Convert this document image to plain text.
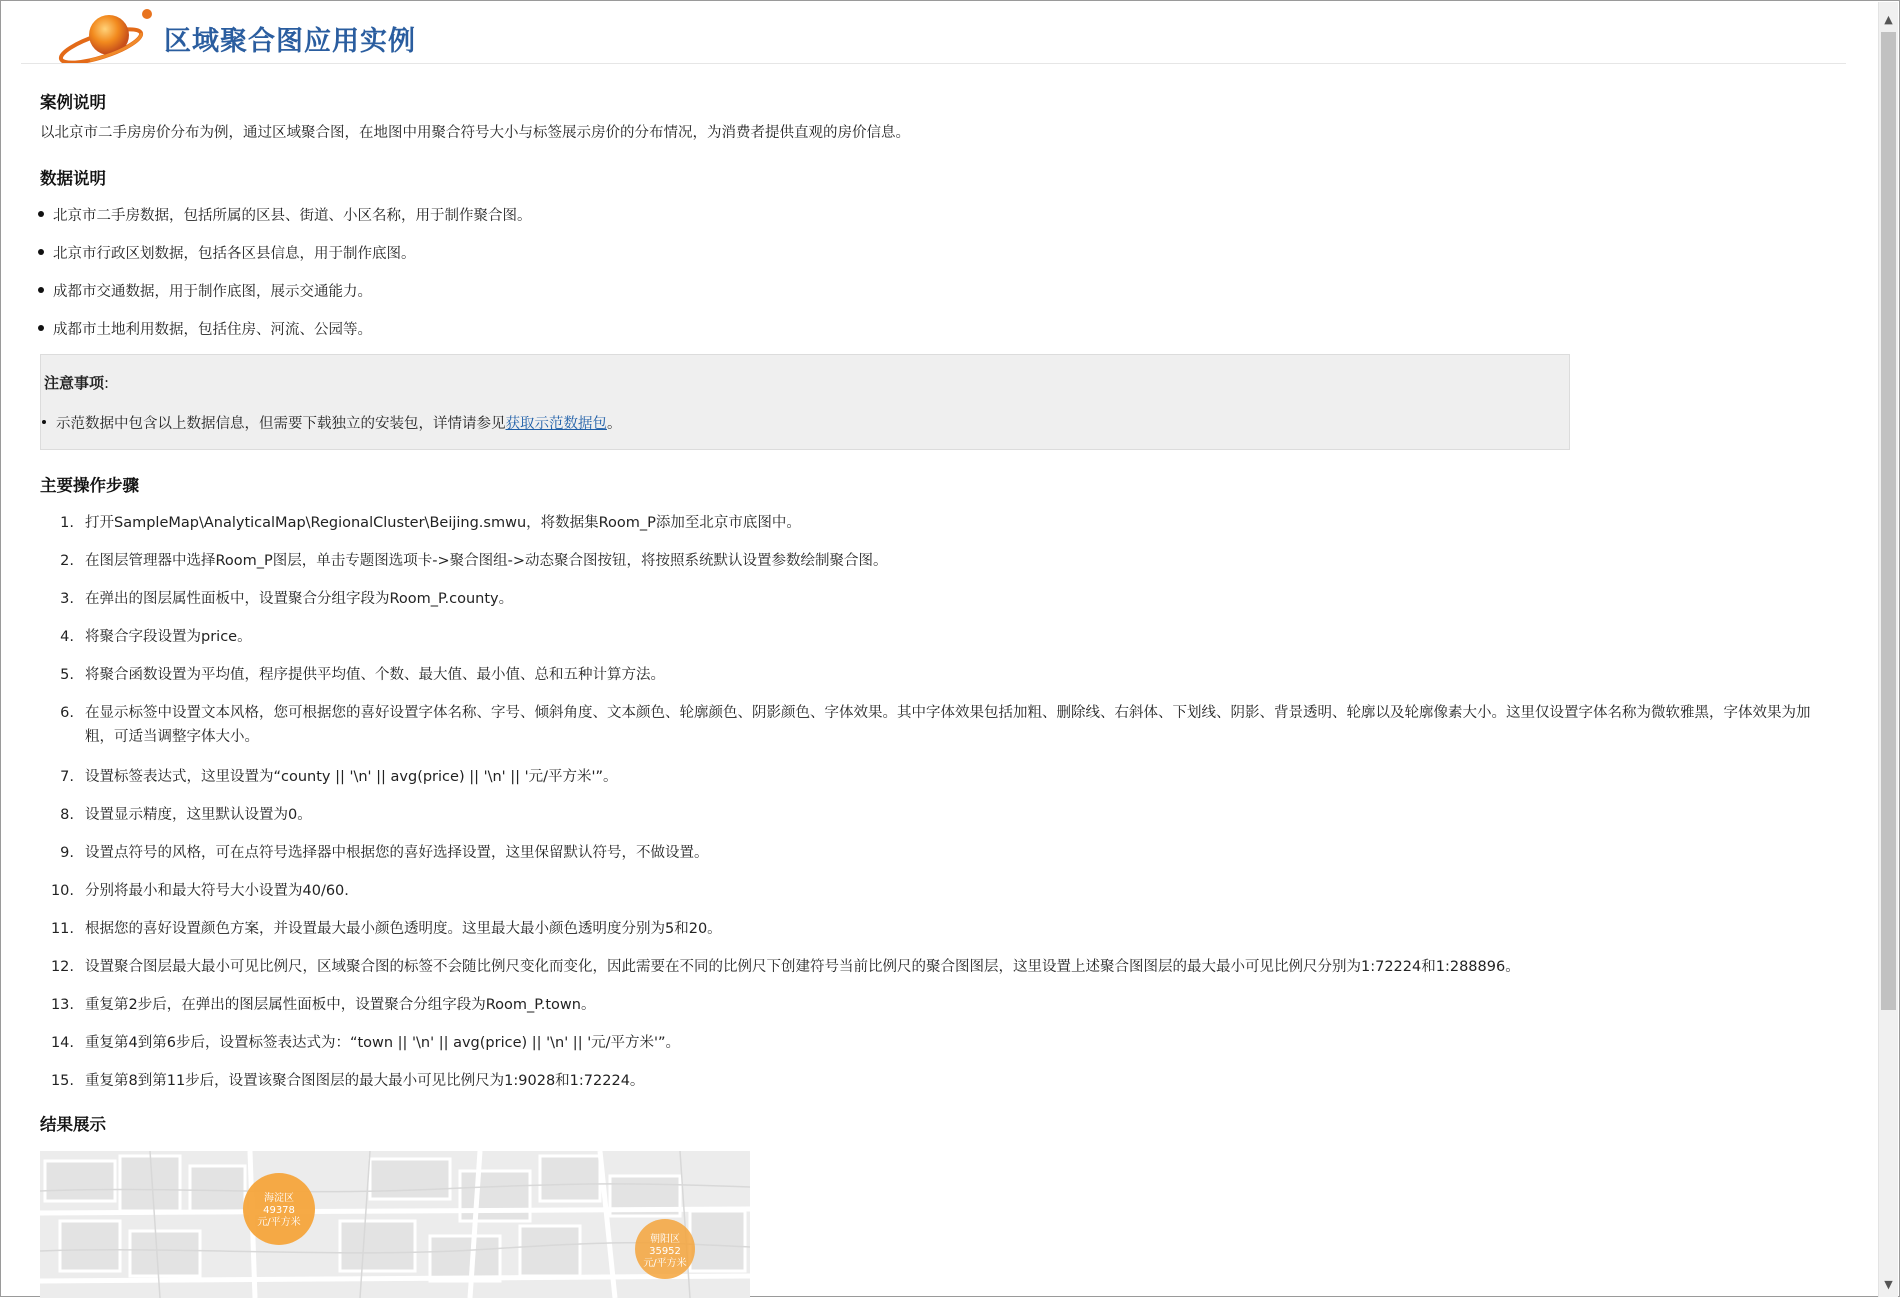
区域聚合图应用实例
案例说明
以北京市二手房房价分布为例，通过区域聚合图，在地图中用聚合符号大小与标签展示房价的分布情况，为消费者提供直观的房价信息。
数据说明
北京市二手房数据，包括所属的区县、街道、小区名称，用于制作聚合图。
北京市行政区划数据，包括各区县信息，用于制作底图。
成都市交通数据，用于制作底图，展示交通能力。
成都市土地利用数据，包括住房、河流、公园等。
注意事项:
示范数据中包含以上数据信息，但需要下载独立的安装包，详情请参见获取示范数据包。
主要操作步骤
1. 打开SampleMap\AnalyticalMap\RegionalCluster\Beijing.smwu，将数据集Room_P添加至北京市底图中。
2. 在图层管理器中选择Room_P图层，单击专题图选项卡->聚合图组->动态聚合图按钮，将按照系统默认设置参数绘制聚合图。
3. 在弹出的图层属性面板中，设置聚合分组字段为Room_P.county。
4. 将聚合字段设置为price。
5. 将聚合函数设置为平均值，程序提供平均值、个数、最大值、最小值、总和五种计算方法。
6. 在显示标签中设置文本风格，您可根据您的喜好设置字体名称、字号、倾斜角度、文本颜色、轮廓颜色、阴影颜色、字体效果。其中字体效果包括加粗、删除线、右斜体、下划线、阴影、背景透明、轮廓以及轮廓像素大小。这里仅设置字体名称为微软雅黑，字体效果为加粗，可适当调整字体大小。
7. 设置标签表达式，这里设置为“county || '\n' || avg(price) || '\n' || '元/平方米'”。
8. 设置显示精度，这里默认设置为0。
9. 设置点符号的风格，可在点符号选择器中根据您的喜好选择设置，这里保留默认符号，不做设置。
10. 分别将最小和最大符号大小设置为40/60.
11. 根据您的喜好设置颜色方案，并设置最大最小颜色透明度。这里最大最小颜色透明度分别为5和20。
12. 设置聚合图层最大最小可见比例尺，区域聚合图的标签不会随比例尺变化而变化，因此需要在不同的比例尺下创建符号当前比例尺的聚合图图层，这里设置上述聚合图图层的最大最小可见比例尺分别为1:72224和1:288896。
13. 重复第2步后，在弹出的图层属性面板中，设置聚合分组字段为Room_P.town。
14. 重复第4到第6步后，设置标签表达式为：“town || '\n' || avg(price) || '\n' || '元/平方米'”。
15. 重复第8到第11步后，设置该聚合图图层的最大最小可见比例尺为1:9028和1:72224。
结果展示
海淀区
49378
元/平方米
朝阳区
35952
元/平方米
▲
▼
